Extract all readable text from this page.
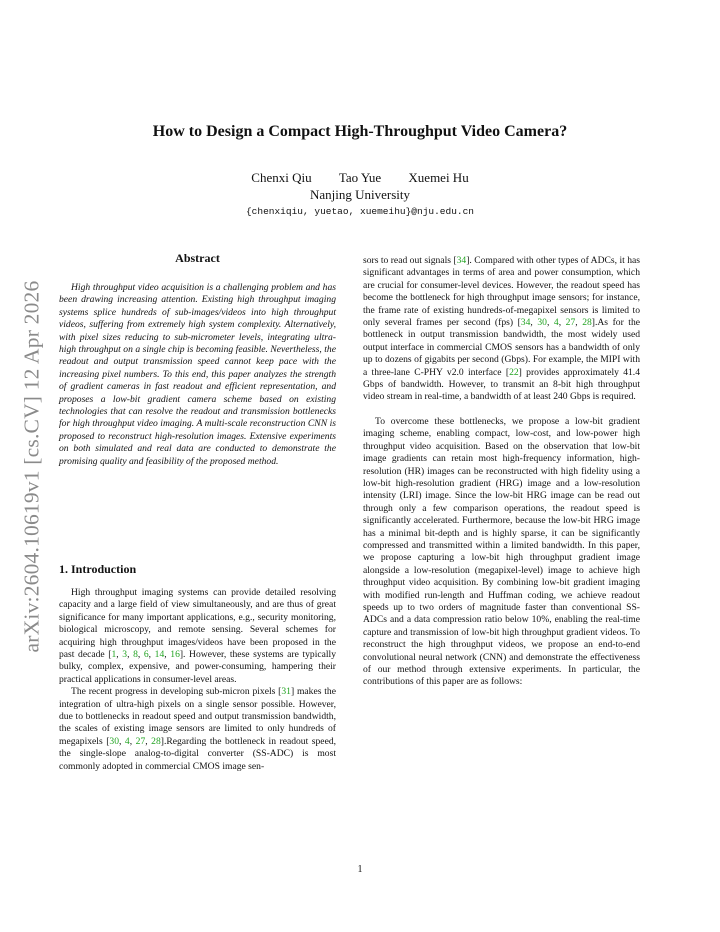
arXiv:2604.10619v1 [cs.CV] 12 Apr 2026
How to Design a Compact High-Throughput Video Camera?
Chenxi Qiu Tao Yue Xuemei Hu
Nanjing University
{chenxiqiu, yuetao, xuemeihu}@nju.edu.cn
Abstract
High throughput video acquisition is a challenging problem and has been drawing increasing attention. Existing high throughput imaging systems splice hundreds of sub-images/videos into high throughput videos, suffering from extremely high system complexity. Alternatively, with pixel sizes reducing to sub-micrometer levels, integrating ultra-high throughput on a single chip is becoming feasible. Nevertheless, the readout and output transmission speed cannot keep pace with the increasing pixel numbers. To this end, this paper analyzes the strength of gradient cameras in fast readout and efficient representation, and proposes a low-bit gradient camera scheme based on existing technologies that can resolve the readout and transmission bottlenecks for high throughput video imaging. A multi-scale reconstruction CNN is proposed to reconstruct high-resolution images. Extensive experiments on both simulated and real data are conducted to demonstrate the promising quality and feasibility of the proposed method.
1. Introduction

High throughput imaging systems can provide detailed resolving capacity and a large field of view simultaneously, and are thus of great significance for many important applications, e.g., security monitoring, biological microscopy, and remote sensing. Several schemes for acquiring high throughput images/videos have been proposed in the past decade [1, 3, 8, 6, 14, 16]. However, these systems are typically bulky, complex, expensive, and power-consuming, hampering their practical applications in consumer-level areas.

The recent progress in developing sub-micron pixels [31] makes the integration of ultra-high pixels on a single sensor possible. However, due to bottlenecks in readout speed and output transmission bandwidth, the scales of existing image sensors are limited to only hundreds of megapixels [30, 4, 27, 28].Regarding the bottleneck in readout speed, the single-slope analog-to-digital converter (SS-ADC) is most commonly adopted in commercial CMOS image sen-

sors to read out signals [34]. Compared with other types of ADCs, it has significant advantages in terms of area and power consumption, which are crucial for consumer-level devices. However, the readout speed has become the bottleneck for high throughput image sensors; for instance, the frame rate of existing hundreds-of-megapixel sensors is limited to only several frames per second (fps) [34, 30, 4, 27, 28].As for the bottleneck in output transmission bandwidth, the most widely used output interface in commercial CMOS sensors has a bandwidth of only up to dozens of gigabits per second (Gbps). For example, the MIPI with a three-lane C-PHY v2.0 interface [22] provides approximately 41.4 Gbps of bandwidth. However, to transmit an 8-bit high throughput video stream in real-time, a bandwidth of at least 240 Gbps is required.

To overcome these bottlenecks, we propose a low-bit gradient imaging scheme, enabling compact, low-cost, and low-power high throughput video acquisition. Based on the observation that low-bit image gradients can retain most high-frequency information, high-resolution (HR) images can be reconstructed with high fidelity using a low-bit high-resolution gradient (HRG) image and a low-resolution intensity (LRI) image. Since the low-bit HRG image can be read out through only a few comparison operations, the readout speed is significantly accelerated. Furthermore, because the low-bit HRG image has a minimal bit-depth and is highly sparse, it can be significantly compressed and transmitted within a limited bandwidth. In this paper, we propose capturing a low-bit high throughput gradient image alongside a low-resolution (megapixel-level) image to achieve high throughput video acquisition. By combining low-bit gradient imaging with modified run-length and Huffman coding, we achieve readout speeds up to two orders of magnitude faster than conventional SS-ADCs and a data compression ratio below 10%, enabling the real-time capture and transmission of low-bit high throughput gradient videos. To reconstruct the high throughput videos, we propose an end-to-end convolutional neural network (CNN) and demonstrate the effectiveness of our method through extensive experiments. In particular, the contributions of this paper are as follows:

1
